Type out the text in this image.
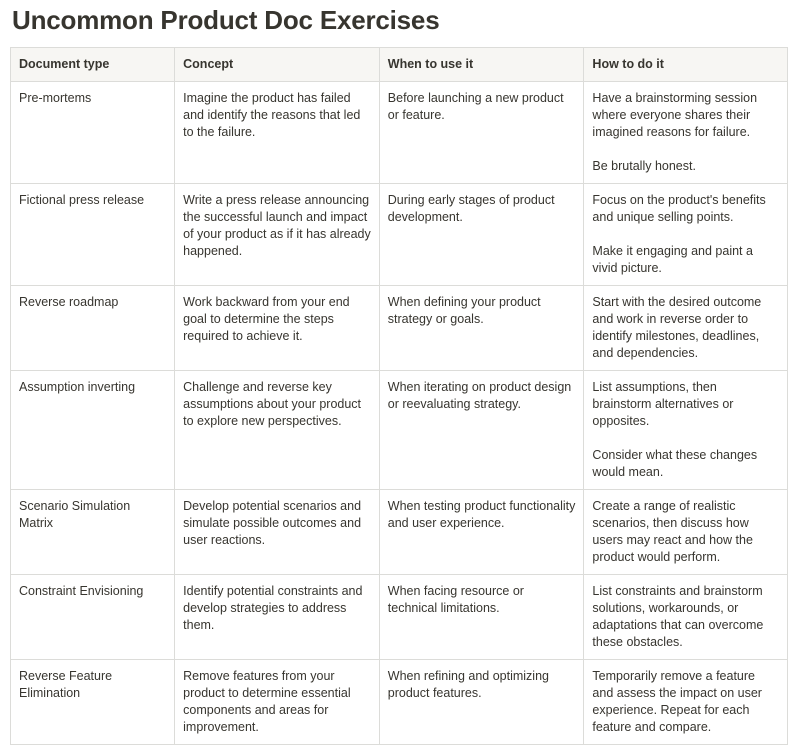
Uncommon Product Doc Exercises
Document type	Concept	When to use it	How to do it
Pre-mortems	Imagine the product has failed and identify the reasons that led to the failure.	Before launching a new product or feature.	Have a brainstorming session where everyone shares their imagined reasons for failure.

Be brutally honest.

Fictional press release	Write a press release announcing the successful launch and impact of your product as if it has already happened.	During early stages of product development.	Focus on the product's benefits and unique selling points.

Make it engaging and paint a vivid picture.

Reverse roadmap	Work backward from your end goal to determine the steps required to achieve it.	When defining your product strategy or goals.	Start with the desired outcome and work in reverse order to identify milestones, deadlines, and dependencies.

Assumption inverting	Challenge and reverse key assumptions about your product to explore new perspectives.	When iterating on product design or reevaluating strategy.	List assumptions, then brainstorm alternatives or opposites.

Consider what these changes would mean.

Scenario Simulation Matrix	Develop potential scenarios and simulate possible outcomes and user reactions.	When testing product functionality and user experience.	Create a range of realistic scenarios, then discuss how users may react and how the product would perform.

Constraint Envisioning	Identify potential constraints and develop strategies to address them.	When facing resource or technical limitations.	List constraints and brainstorm solutions, workarounds, or adaptations that can overcome these obstacles.

Reverse Feature Elimination	Remove features from your product to determine essential components and areas for improvement.	When refining and optimizing product features.	Temporarily remove a feature and assess the impact on user experience. Repeat for each feature and compare.
